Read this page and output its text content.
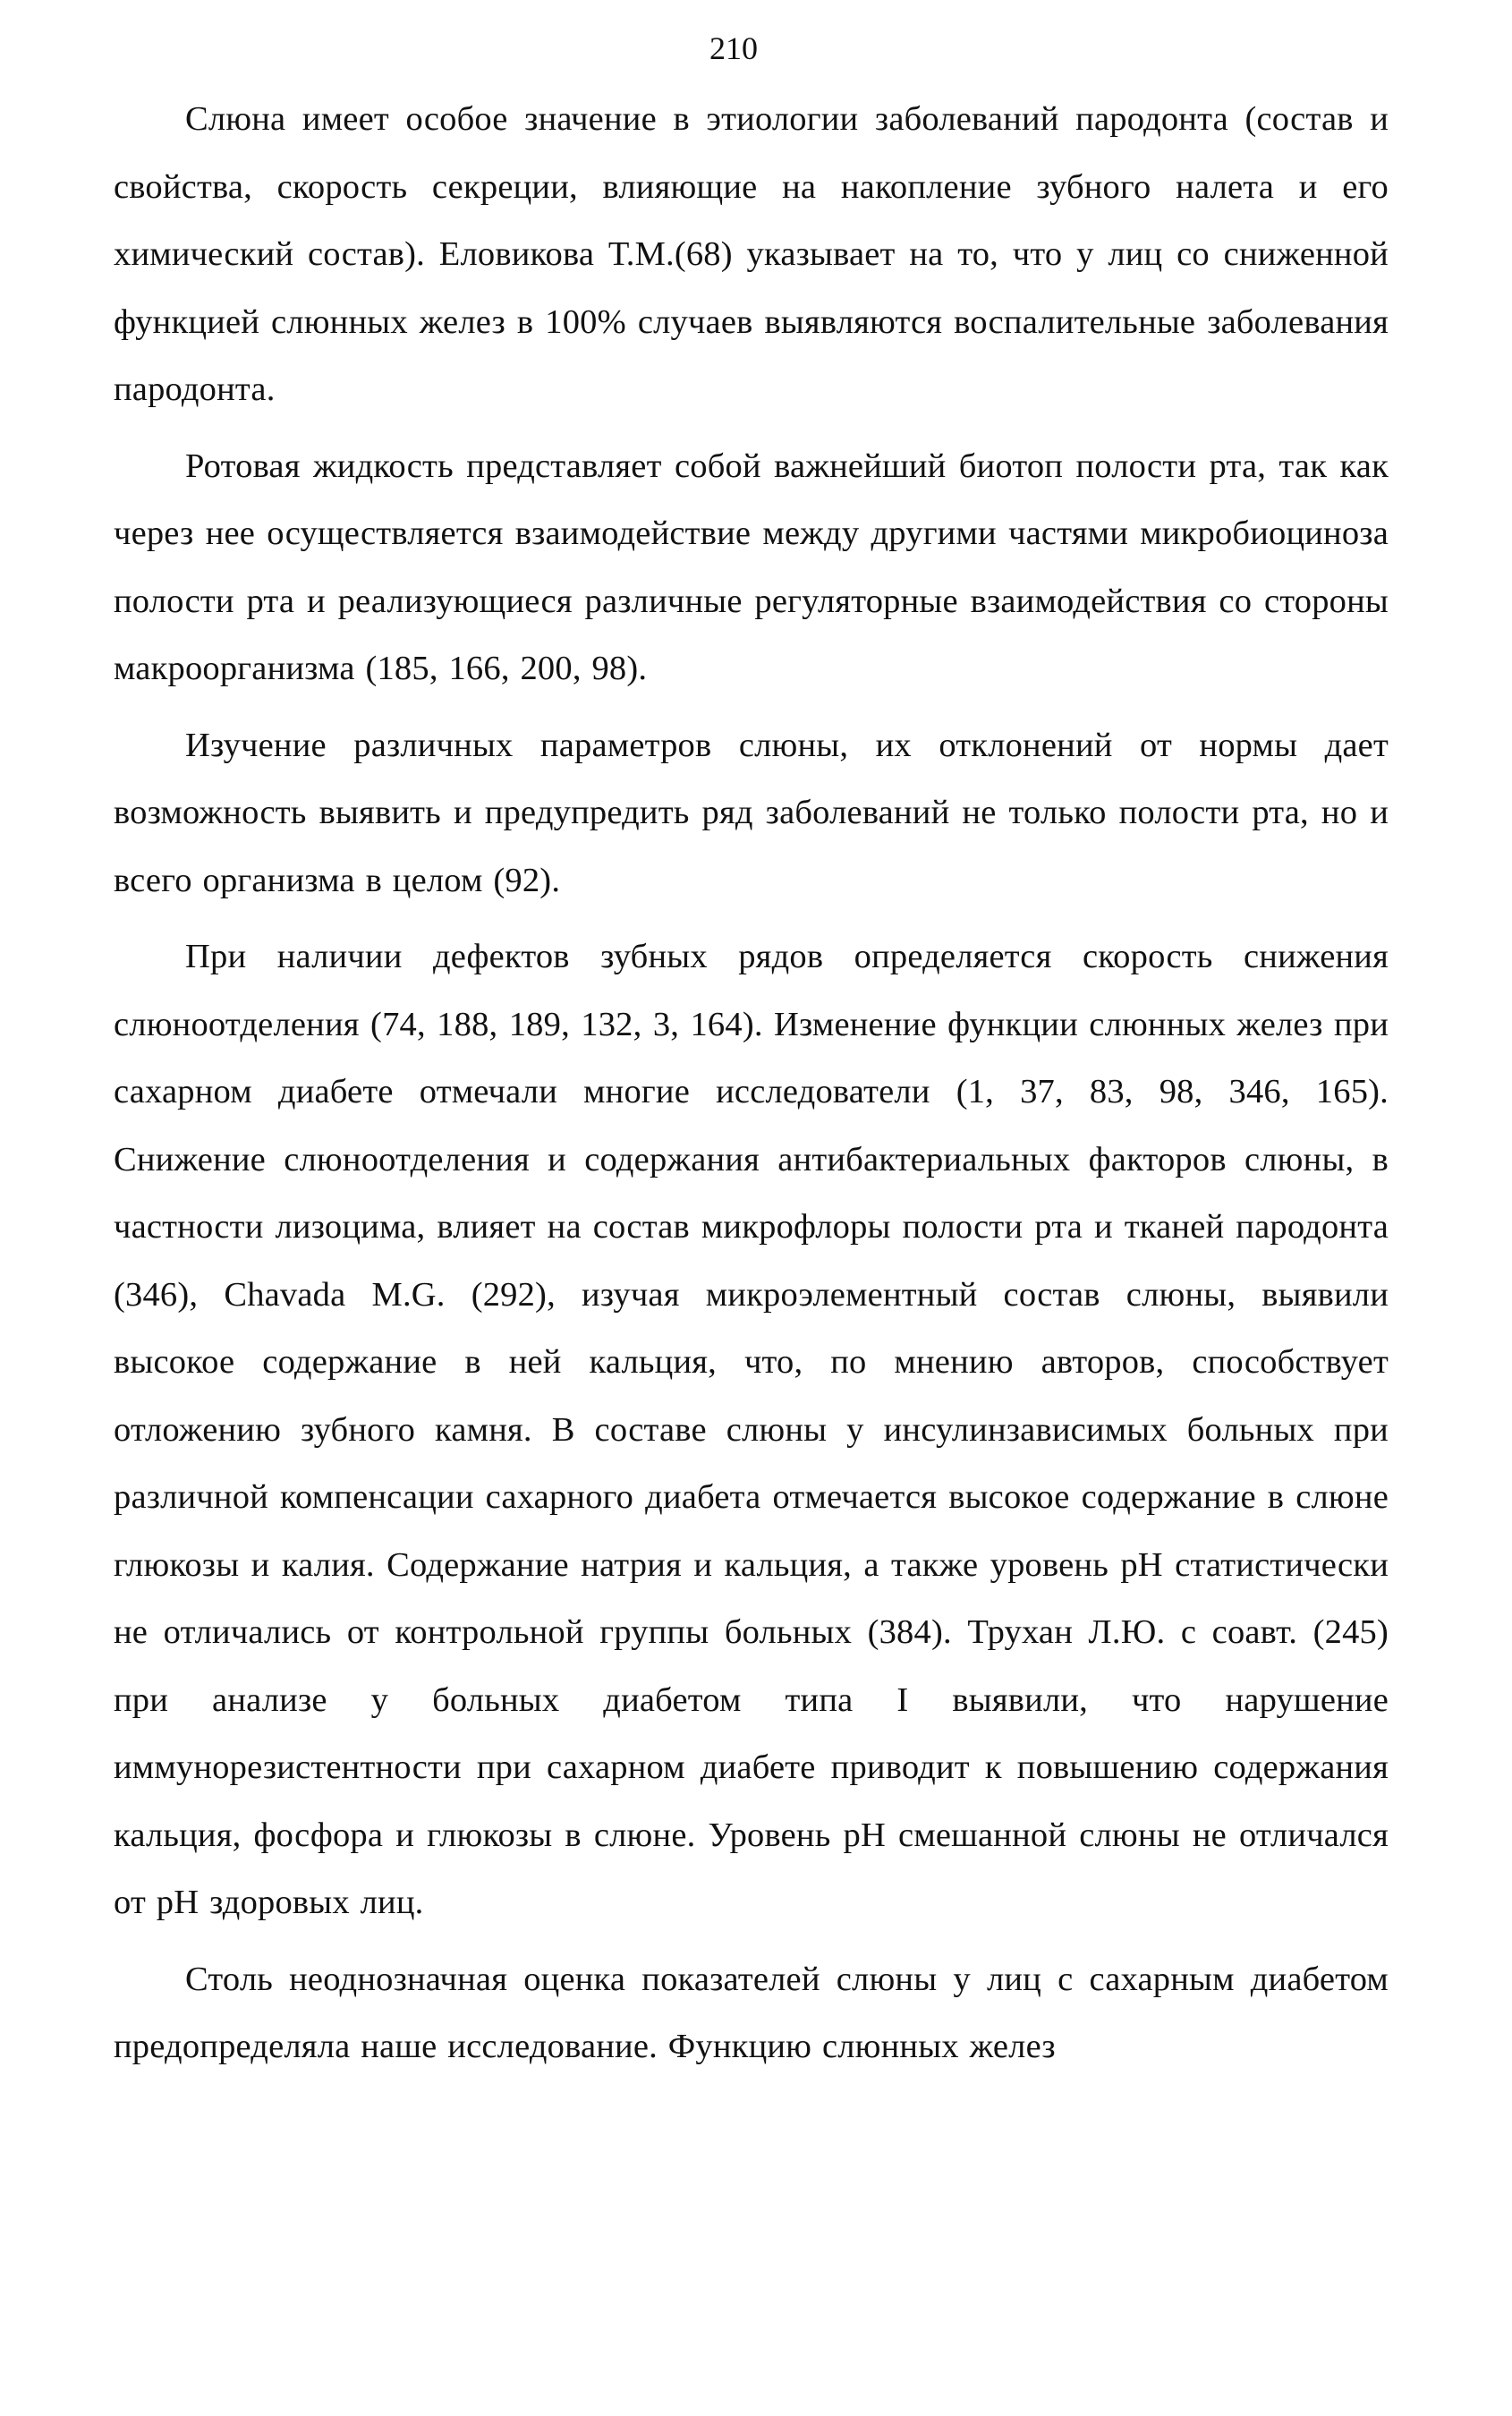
210

Слюна имеет особое значение в этиологии заболеваний пародонта (состав и свойства, скорость секреции, влияющие на накопление зубного налета и его химический состав). Еловикова Т.М.(68) указывает на то, что у лиц со сниженной функцией слюнных желез в 100% случаев выявляются воспалительные заболевания пародонта.

Ротовая жидкость представляет собой важнейший биотоп полости рта, так как через нее осуществляется взаимодействие между другими частями микробиоциноза полости рта и реализующиеся различные регуляторные взаимодействия со стороны макроорганизма (185, 166, 200, 98).

Изучение различных параметров слюны, их отклонений от нормы дает возможность выявить и предупредить ряд заболеваний не только полости рта, но и всего организма в целом (92).

При наличии дефектов зубных рядов определяется скорость снижения слюноотделения (74, 188, 189, 132, 3, 164). Изменение функции слюнных желез при сахарном диабете отмечали многие исследователи (1, 37, 83, 98, 346, 165). Снижение слюноотделения и содержания антибактериальных факторов слюны, в частности лизоцима, влияет на состав микрофлоры полости рта и тканей пародонта (346), Chavada M.G. (292), изучая микроэлементный состав слюны, выявили высокое содержание в ней кальция, что, по мнению авторов, способствует отложению зубного камня. В составе слюны у инсулинзависимых больных при различной компенсации сахарного диабета отмечается высокое содержание в слюне глюкозы и калия. Содержание натрия и кальция, а также уровень pH статистически не отличались от контрольной группы больных (384). Трухан Л.Ю. с соавт. (245) при анализе у больных диабетом типа I выявили, что нарушение иммунорезистентности при сахарном диабете приводит к повышению содержания кальция, фосфора и глюкозы в слюне. Уровень pH смешанной слюны не отличался от pH здоровых лиц.

Столь неоднозначная оценка показателей слюны у лиц с сахарным диабетом предопределяла наше исследование. Функцию слюнных желез
